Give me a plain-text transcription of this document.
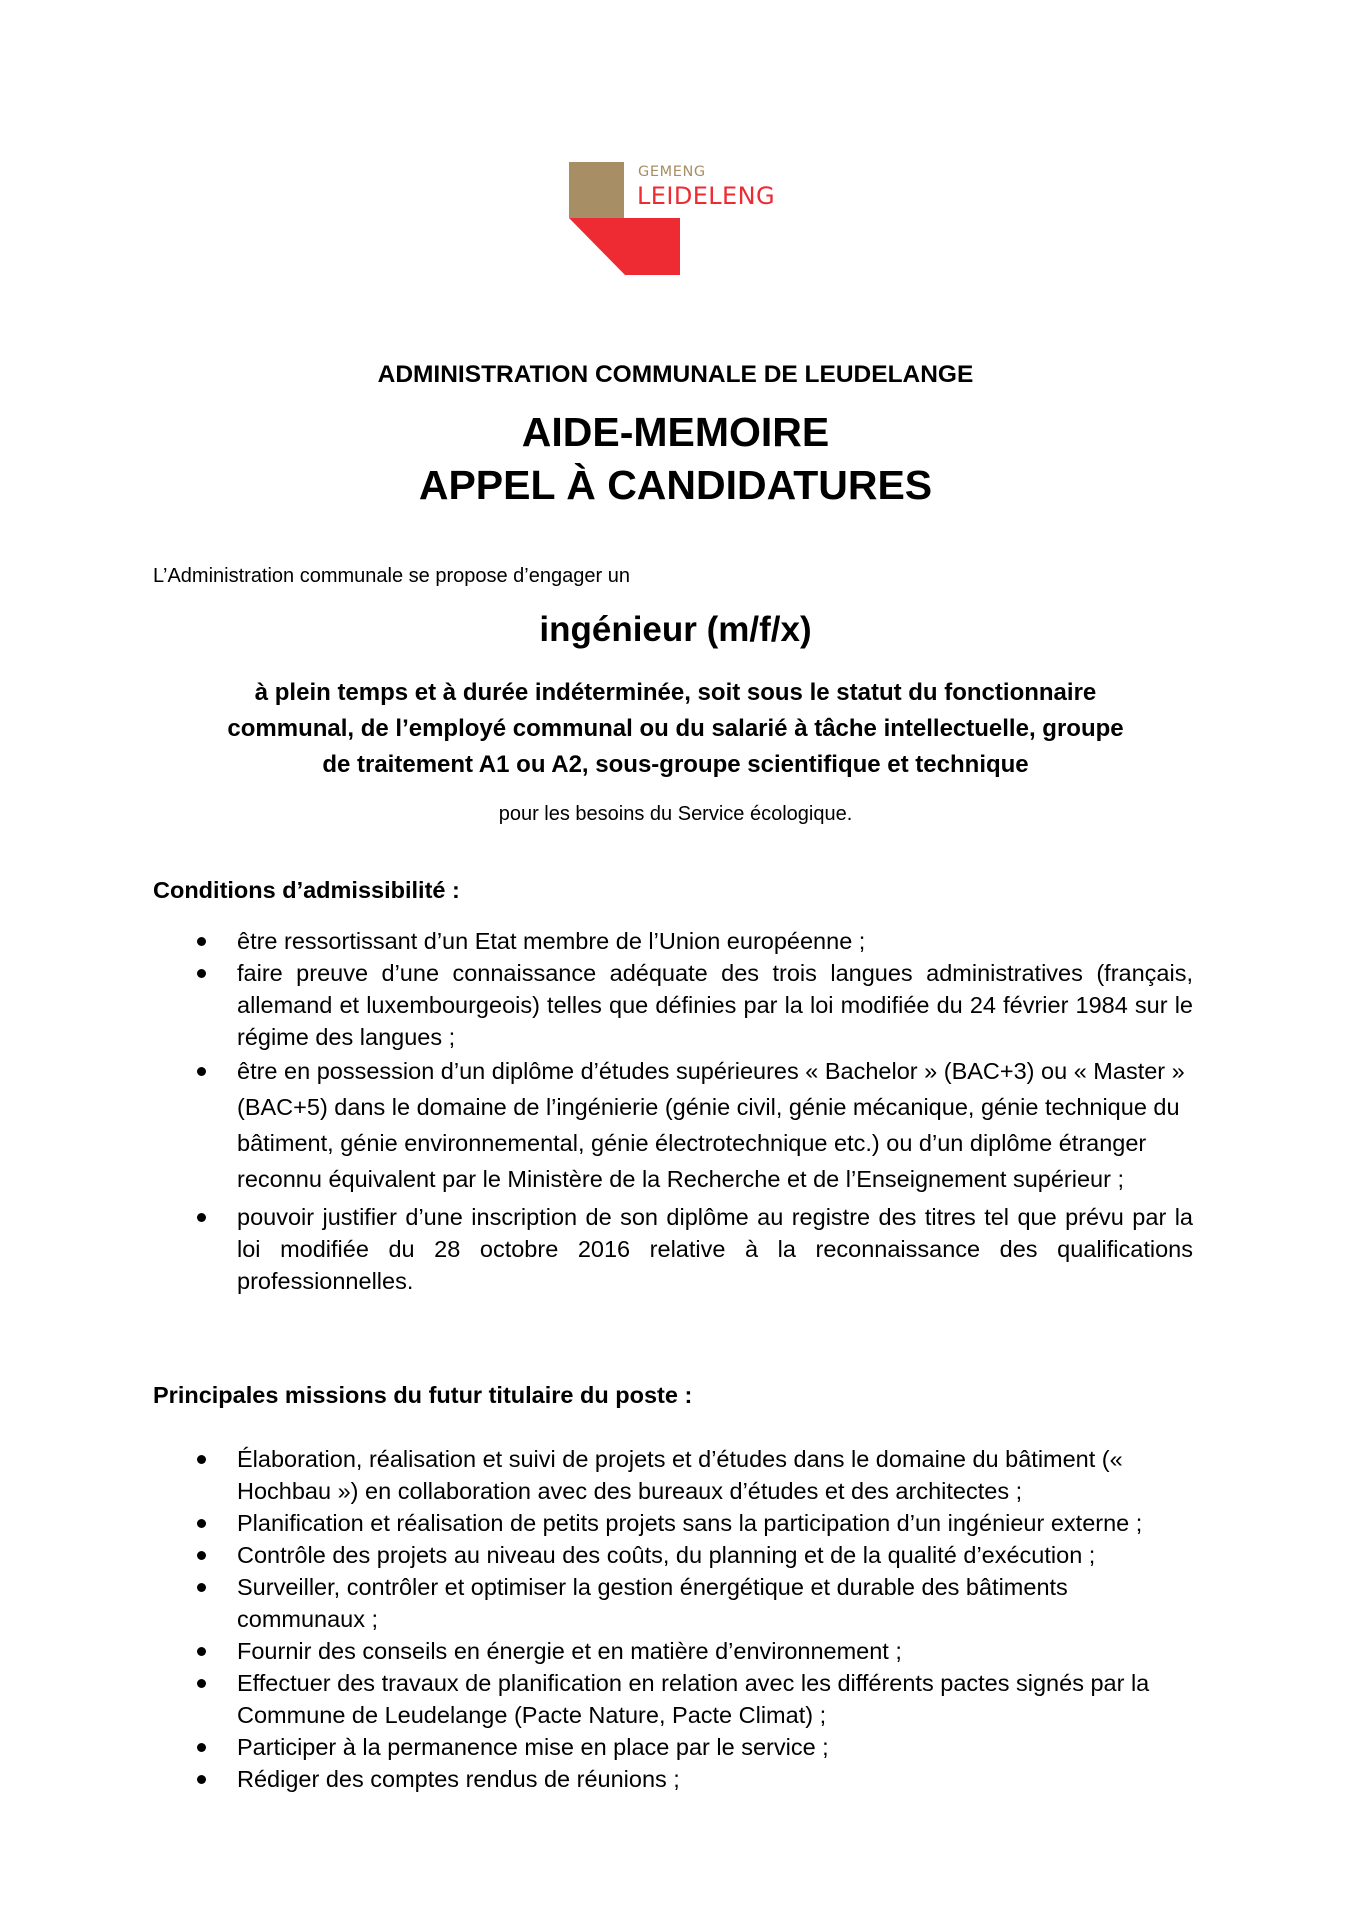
GEMENG
LEIDELENG
ADMINISTRATION COMMUNALE DE LEUDELANGE
AIDE-MEMOIRE
APPEL À CANDIDATURES
L’Administration communale se propose d’engager un
ingénieur (m/f/x)
à plein temps et à durée indéterminée, soit sous le statut du fonctionnaire
communal, de l’employé communal ou du salarié à tâche intellectuelle, groupe
de traitement A1 ou A2, sous-groupe scientifique et technique
pour les besoins du Service écologique.
Conditions d’admissibilité :
être ressortissant d’un Etat membre de l’Union européenne ;
faire preuve d’une connaissance adéquate des trois langues administratives (français, allemand et luxembourgeois) telles que définies par la loi modifiée du 24 février 1984 sur le régime des langues ;
être en possession d’un diplôme d’études supérieures « Bachelor » (BAC+3) ou « Master » (BAC+5) dans le domaine de l’ingénierie (génie civil, génie mécanique, génie technique du bâtiment, génie environnemental, génie électrotechnique etc.) ou d’un diplôme étranger reconnu équivalent par le Ministère de la Recherche et de l’Enseignement supérieur ;
pouvoir justifier d’une inscription de son diplôme au registre des titres tel que prévu par la loi modifiée du 28 octobre 2016 relative à la reconnaissance des qualifications professionnelles.
Principales missions du futur titulaire du poste :
Élaboration, réalisation et suivi de projets et d’études dans le domaine du bâtiment (« Hochbau ») en collaboration avec des bureaux d’études et des architectes ;
Planification et réalisation de petits projets sans la participation d’un ingénieur externe ;
Contrôle des projets au niveau des coûts, du planning et de la qualité d’exécution ;
Surveiller, contrôler et optimiser la gestion énergétique et durable des bâtiments communaux ;
Fournir des conseils en énergie et en matière d’environnement ;
Effectuer des travaux de planification en relation avec les différents pactes signés par la Commune de Leudelange (Pacte Nature, Pacte Climat) ;
Participer à la permanence mise en place par le service ;
Rédiger des comptes rendus de réunions ;
